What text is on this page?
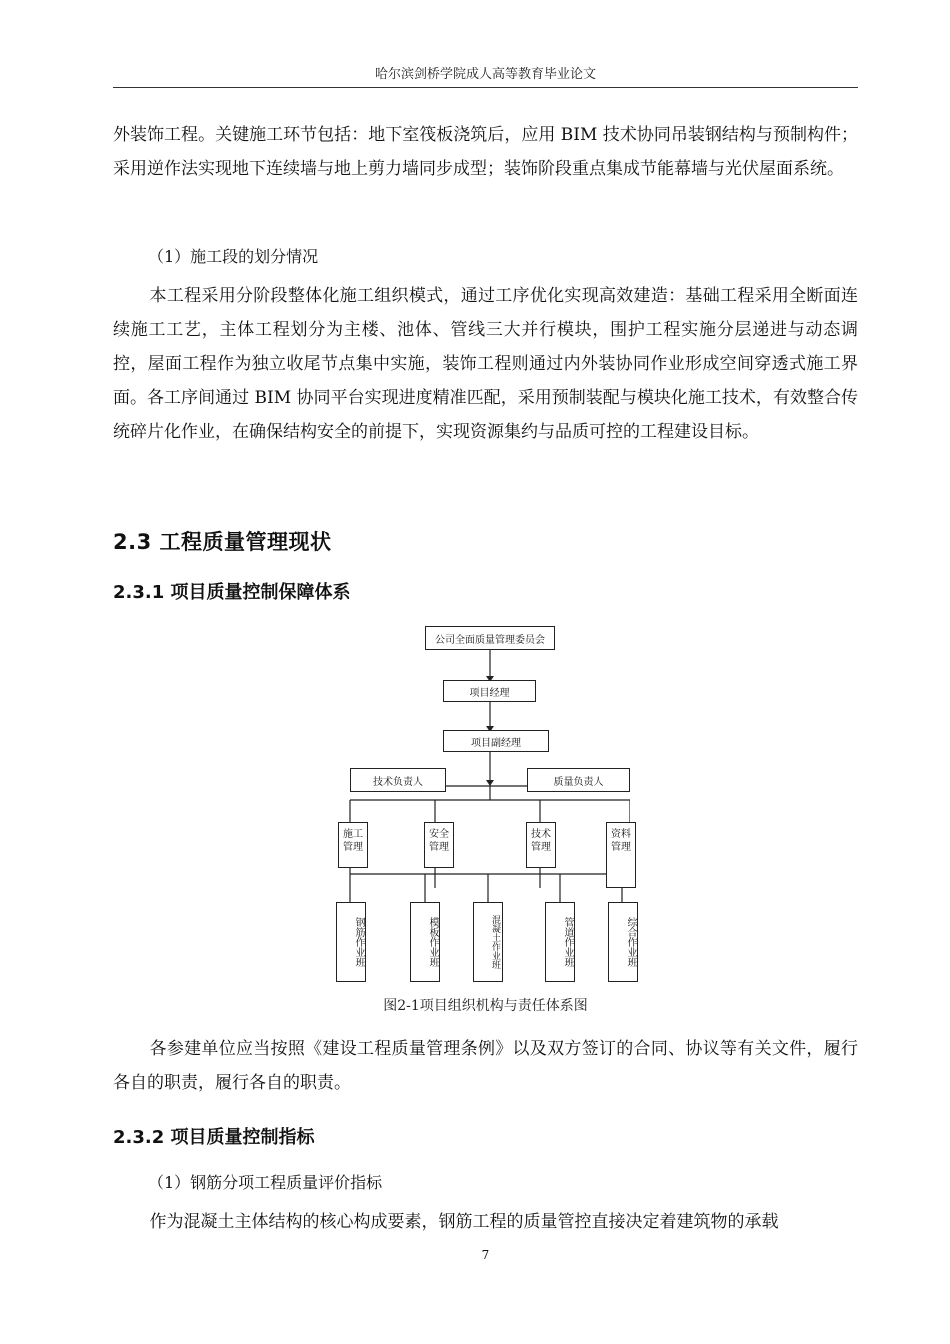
哈尔滨剑桥学院成人高等教育毕业论文

外装饰工程。关键施工环节包括：地下室筏板浇筑后，应用 BIM 技术协同吊装钢结构与预制构件；采用逆作法实现地下连续墙与地上剪力墙同步成型；装饰阶段重点集成节能幕墙与光伏屋面系统。

（1）施工段的划分情况

本工程采用分阶段整体化施工组织模式，通过工序优化实现高效建造：基础工程采用全断面连续施工工艺，主体工程划分为主楼、池体、管线三大并行模块，围护工程实施分层递进与动态调控，屋面工程作为独立收尾节点集中实施，装饰工程则通过内外装协同作业形成空间穿透式施工界面。各工序间通过 BIM 协同平台实现进度精准匹配，采用预制装配与模块化施工技术，有效整合传统碎片化作业，在确保结构安全的前提下，实现资源集约与品质可控的工程建设目标。

2.3 工程质量管理现状
2.3.1 项目质量控制保障体系
公司全面质量管理委员会
项目经理
项目副经理
技术负责人	质量负责人
施工
管理
安全
管理
技术
管理
资料
管理
钢筋作业班	模板作业班	混凝土作业班	管道作业班	综合作业班
图2-1项目组织机构与责任体系图

各参建单位应当按照《建设工程质量管理条例》以及双方签订的合同、协议等有关文件，履行各自的职责，履行各自的职责。

2.3.2 项目质量控制指标

（1）钢筋分项工程质量评价指标

作为混凝土主体结构的核心构成要素，钢筋工程的质量管控直接决定着建筑物的承载

7
